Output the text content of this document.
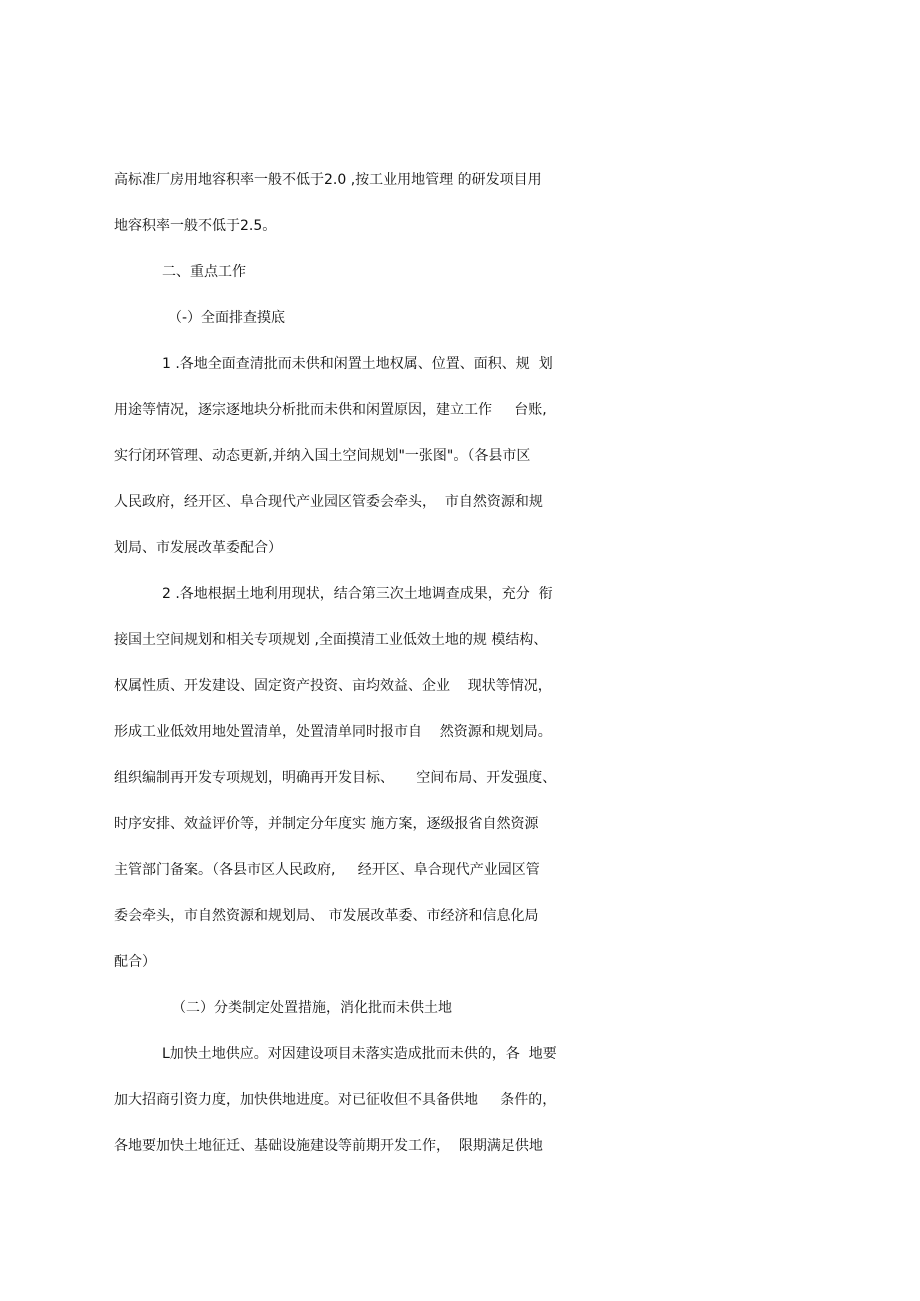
高标准厂房用地容积率一般不低于2.0 ,按工业用地管理 的研发项目用
地容积率一般不低于2.5。
二、重点工作
（-）全面排查摸底
1 .各地全面查清批而未供和闲置土地权属、位置、面积、规  划
用途等情况，逐宗逐地块分析批而未供和闲置原因，建立工作     台账,
实行闭环管理、动态更新,并纳入国土空间规划"一张图"。（各县市区
人民政府，经开区、阜合现代产业园区管委会牵头，  市自然资源和规
划局、市发展改革委配合）
2 .各地根据土地利用现状，结合第三次土地调查成果，充分  衔
接国土空间规划和相关专项规划 ,全面摸清工业低效土地的规 模结构、
权属性质、开发建设、固定资产投资、亩均效益、企业    现状等情况，
形成工业低效用地处置清单，处置清单同时报市自    然资源和规划局。
组织编制再开发专项规划，明确再开发目标、     空间布局、开发强度、
时序安排、效益评价等，并制定分年度实 施方案，逐级报省自然资源
主管部门备案。（各县市区人民政府,     经开区、阜合现代产业园区管
委会牵头，市自然资源和规划局、 市发展改革委、市经济和信息化局
配合）
（二）分类制定处置措施，消化批而未供土地
L加快土地供应。对因建设项目未落实造成批而未供的，各  地要
加大招商引资力度，加快供地进度。对已征收但不具备供地     条件的，
各地要加快土地征迁、基础设施建设等前期开发工作，  限期满足供地
